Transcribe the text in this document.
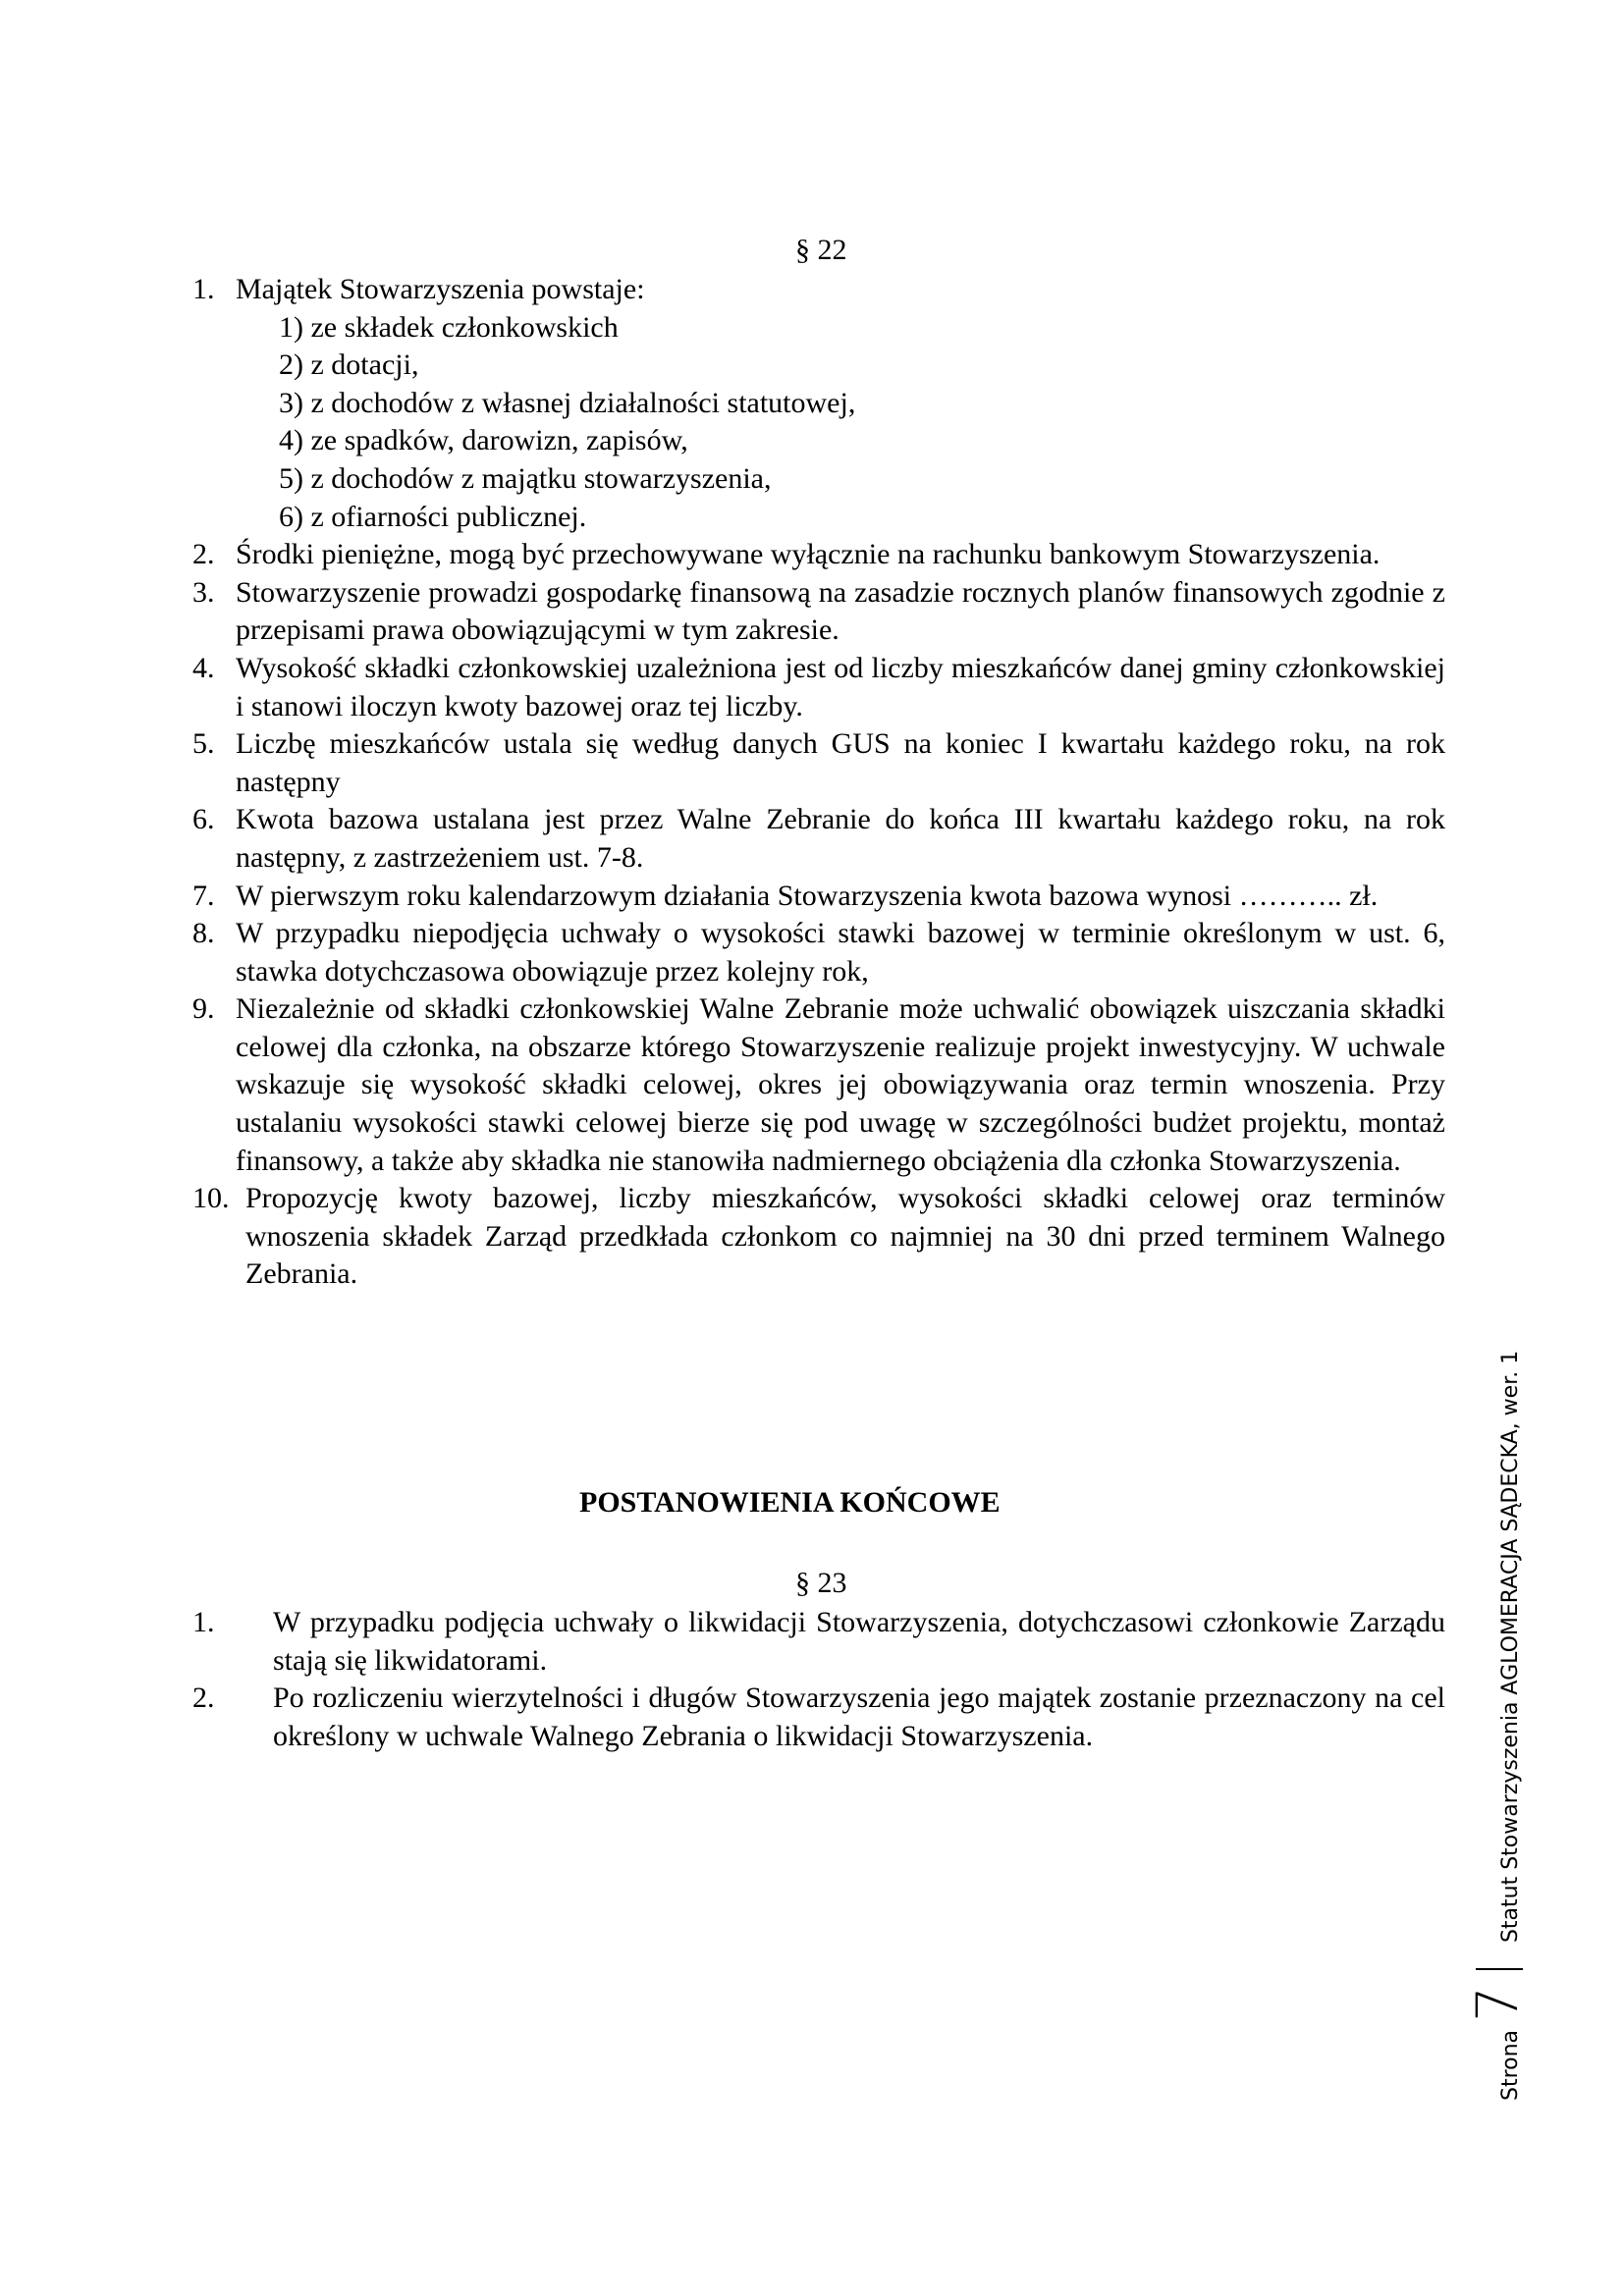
§ 22
1. Majątek Stowarzyszenia powstaje:
1) ze składek członkowskich
2) z dotacji,
3) z dochodów z własnej działalności statutowej,
4) ze spadków, darowizn, zapisów,
5) z dochodów z majątku stowarzyszenia,
6) z ofiarności publicznej.
2. Środki pieniężne, mogą być przechowywane wyłącznie na rachunku bankowym Stowarzyszenia.
3. Stowarzyszenie prowadzi gospodarkę finansową na zasadzie rocznych planów finansowych zgodnie z przepisami prawa obowiązującymi w tym zakresie.
4. Wysokość składki członkowskiej uzależniona jest od liczby mieszkańców danej gminy członkowskiej i stanowi iloczyn kwoty bazowej oraz tej liczby.
5. Liczbę mieszkańców ustala się według danych GUS na koniec I kwartału każdego roku, na rok następny
6. Kwota bazowa ustalana jest przez Walne Zebranie do końca III kwartału każdego roku, na rok następny, z zastrzeżeniem ust. 7-8.
7. W pierwszym roku kalendarzowym działania Stowarzyszenia kwota bazowa wynosi ……….. zł.
8. W przypadku niepodjęcia uchwały o wysokości stawki bazowej w terminie określonym w ust. 6, stawka dotychczasowa obowiązuje przez kolejny rok,
9. Niezależnie od składki członkowskiej Walne Zebranie może uchwalić obowiązek uiszczania składki celowej dla członka, na obszarze którego Stowarzyszenie realizuje projekt inwestycyjny. W uchwale wskazuje się wysokość składki celowej, okres jej obowiązywania oraz termin wnoszenia. Przy ustalaniu wysokości stawki celowej bierze się pod uwagę w szczególności budżet projektu, montaż finansowy, a także aby składka nie stanowiła nadmiernego obciążenia dla członka Stowarzyszenia.
10. Propozycję kwoty bazowej, liczby mieszkańców, wysokości składki celowej oraz terminów wnoszenia składek Zarząd przedkłada członkom co najmniej na 30 dni przed terminem Walnego Zebrania.
POSTANOWIENIA KOŃCOWE
§ 23
1. W przypadku podjęcia uchwały o likwidacji Stowarzyszenia, dotychczasowi członkowie Zarządu stają się likwidatorami.
2. Po rozliczeniu wierzytelności i długów Stowarzyszenia jego majątek zostanie przeznaczony na cel określony w uchwale Walnego Zebrania o likwidacji Stowarzyszenia.
Strona
7
Statut Stowarzyszenia AGLOMERACJA SĄDECKA, wer. 1
